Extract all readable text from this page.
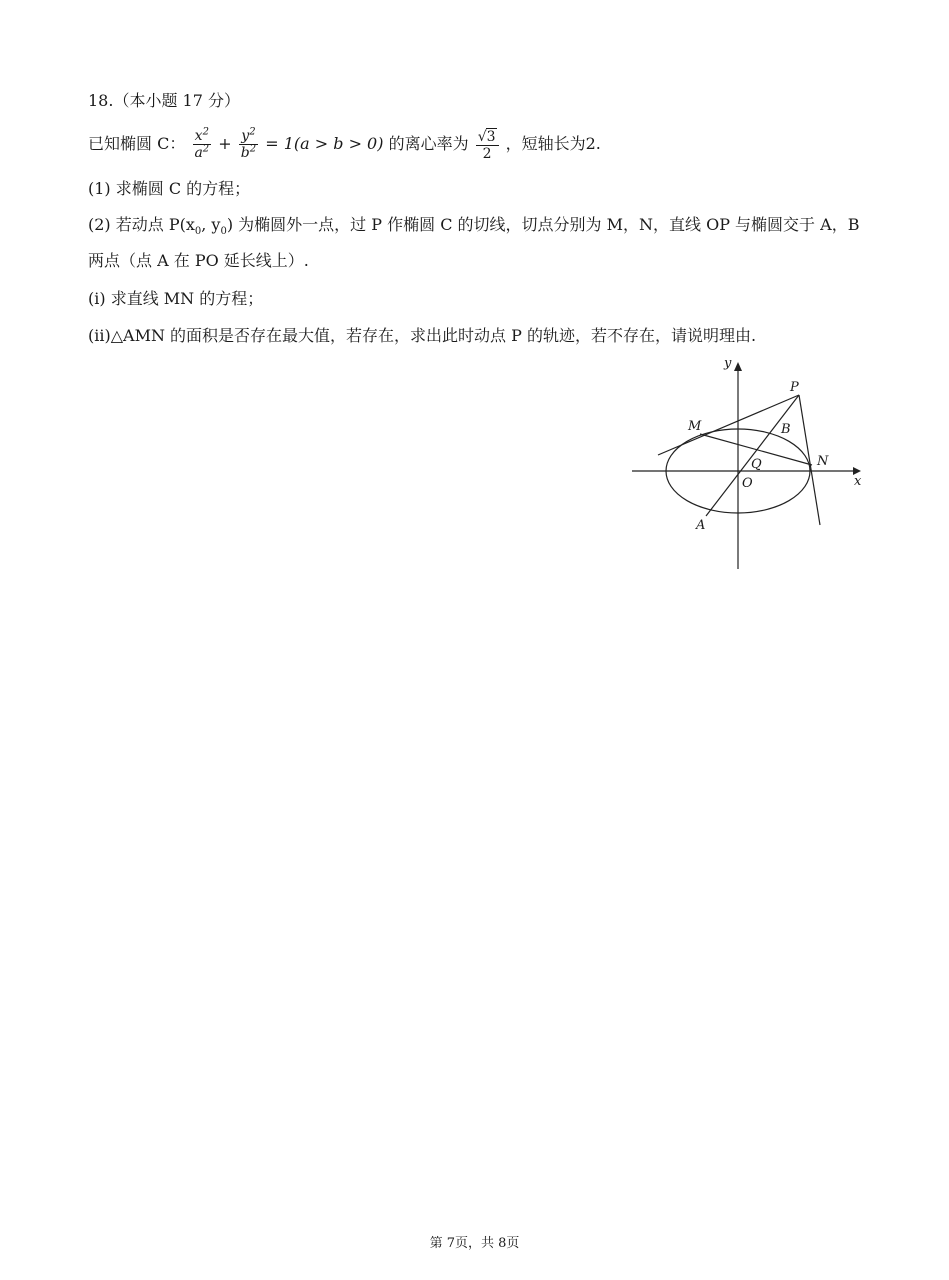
18.（本小题 17 分）
已知椭圆 C： $\frac{x^2}{a^2} + \frac{y^2}{b^2} = 1(a > b > 0)$ 的离心率为 $\frac{√ 3}{2}$ ，短轴长为2.
(1) 求椭圆 C 的方程；
(2) 若动点 $P(x_0$, $y_0$) 为椭圆外一点，过 P 作椭圆 C 的切线，切点分别为 M，N，直线 OP 与椭圆交于 A，B
两点（点 A 在 PO 延长线上）.
(i) 求直线 MN 的方程；
(ii)△AMN 的面积是否存在最大值，若存在，求出此时动点 P 的轨迹，若不存在，请说明理由.
y
x
P
M	B
N
Q
O
A
第 7页，共 8页
